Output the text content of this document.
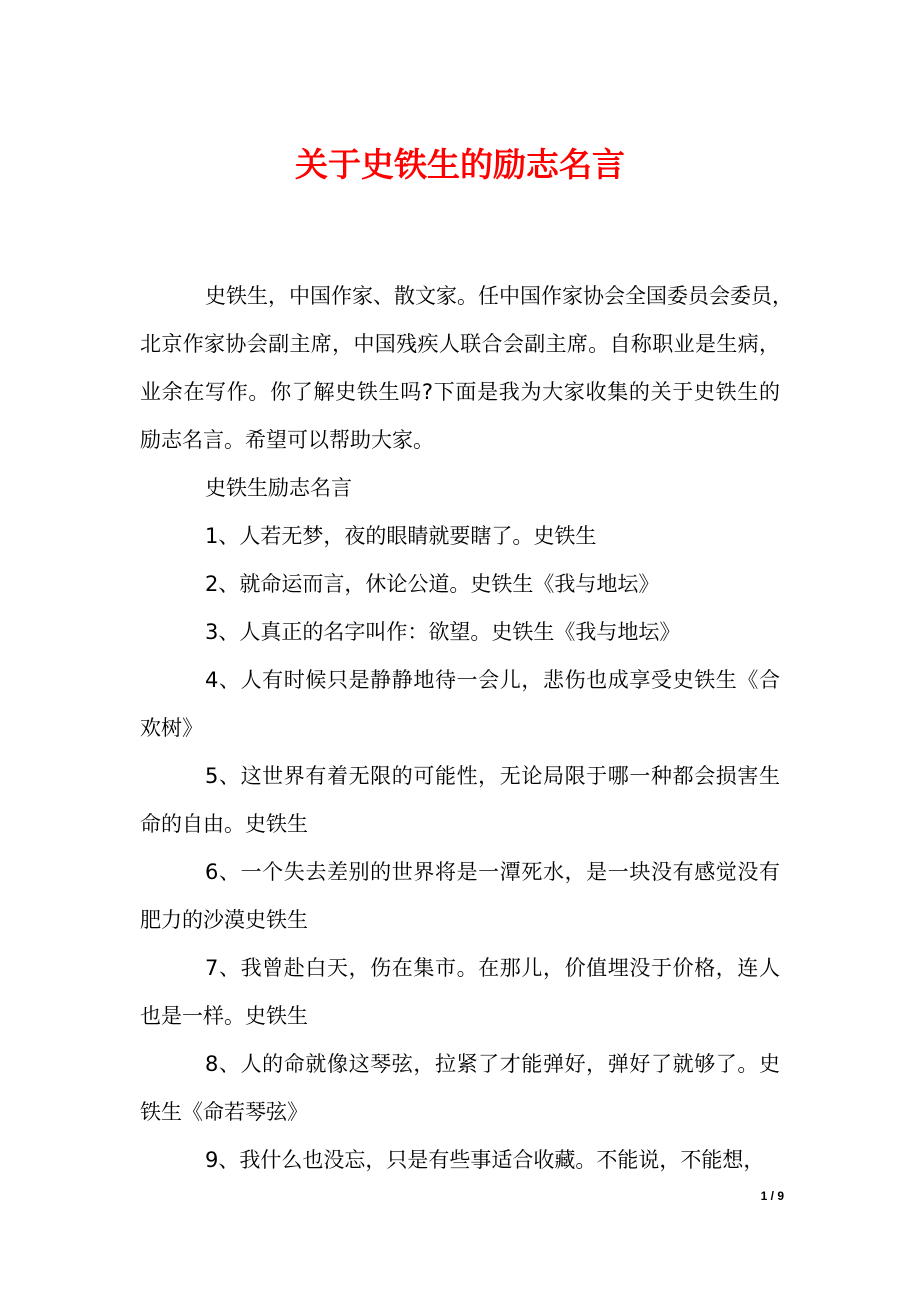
关于史铁生的励志名言
史铁生，中国作家、散文家。任中国作家协会全国委员会委员，
北京作家协会副主席，中国残疾人联合会副主席。自称职业是生病，
业余在写作。你了解史铁生吗?下面是我为大家收集的关于史铁生的
励志名言。希望可以帮助大家。
史铁生励志名言
1、人若无梦，夜的眼睛就要瞎了。史铁生
2、就命运而言，休论公道。史铁生《我与地坛》
3、人真正的名字叫作：欲望。史铁生《我与地坛》
4、人有时候只是静静地待一会儿，悲伤也成享受史铁生《合
欢树》
5、这世界有着无限的可能性，无论局限于哪一种都会损害生
命的自由。史铁生
6、一个失去差别的世界将是一潭死水，是一块没有感觉没有
肥力的沙漠史铁生
7、我曾赴白天，伤在集市。在那儿，价值埋没于价格，连人
也是一样。史铁生
8、人的命就像这琴弦，拉紧了才能弹好，弹好了就够了。史
铁生《命若琴弦》
9、我什么也没忘，只是有些事适合收藏。不能说，不能想，
1 / 9
